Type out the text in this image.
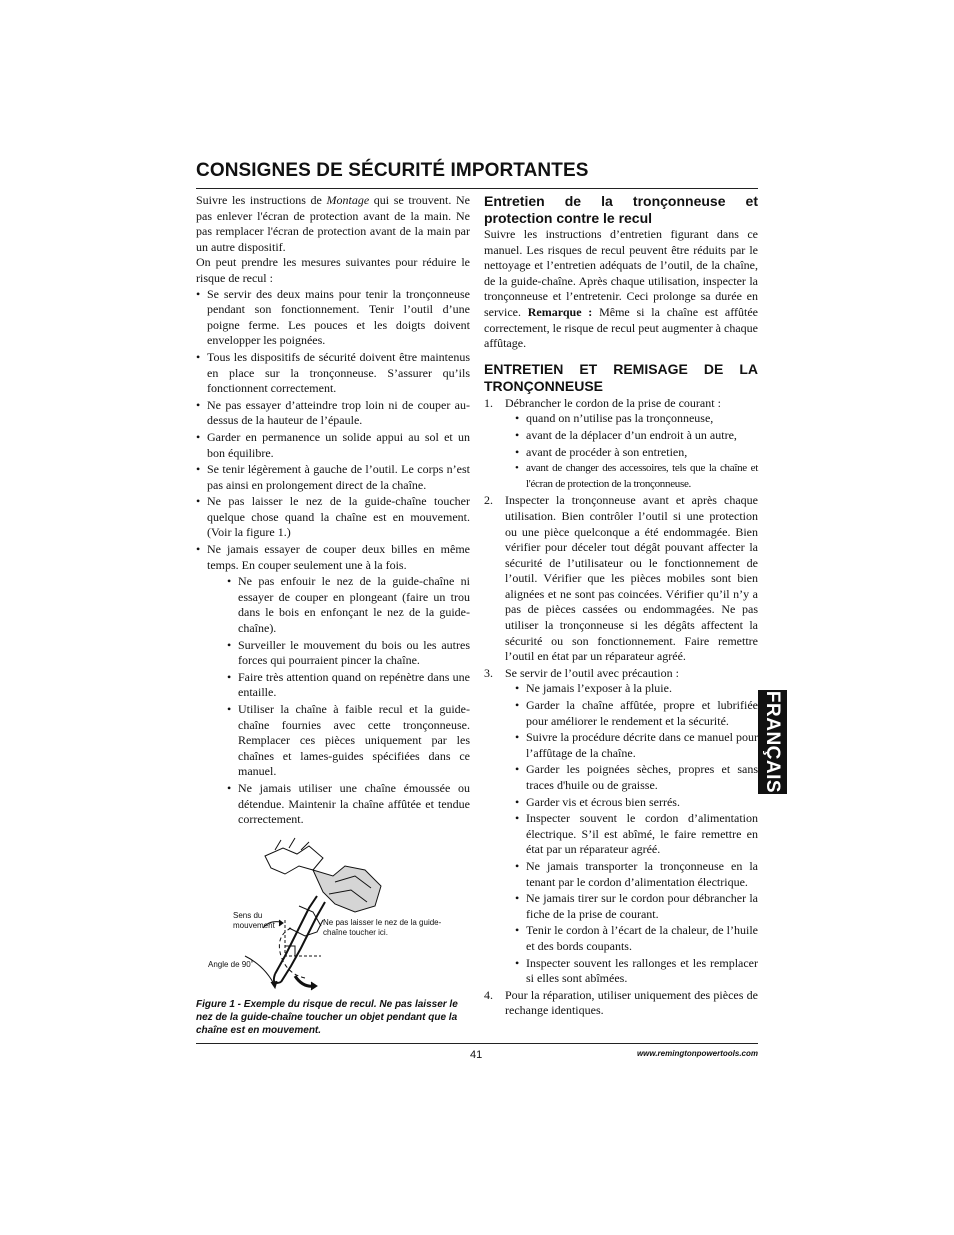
CONSIGNES DE SÉCURITÉ IMPORTANTES

Suivre les instructions de Montage qui se trouvent. Ne pas enlever l'écran de protection avant de la main. Ne pas remplacer l'écran de protection avant de la main par un autre dispositif.

On peut prendre les mesures suivantes pour réduire le risque de recul :

• Se servir des deux mains pour tenir la tronçonneuse pendant son fonctionnement. Tenir l’outil d’une poigne ferme. Les pouces et les doigts doivent envelopper les poignées.
• Tous les dispositifs de sécurité doivent être maintenus en place sur la tronçonneuse. S’assurer qu’ils fonctionnent correctement.
• Ne pas essayer d’atteindre trop loin ni de couper au-dessus de la hauteur de l’épaule.
• Garder en permanence un solide appui au sol et un bon équilibre.
• Se tenir légèrement à gauche de l’outil. Le corps n’est pas ainsi en prolongement direct de la chaîne.
• Ne pas laisser le nez de la guide-chaîne toucher quelque chose quand la chaîne est en mouvement. (Voir la figure 1.)
• Ne jamais essayer de couper deux billes en même temps. En couper seulement une à la fois.
• Ne pas enfouir le nez de la guide-chaîne ni essayer de couper en plongeant (faire un trou dans le bois en enfonçant le nez de la guide-chaîne).
• Surveiller le mouvement du bois ou les autres forces qui pourraient pincer la chaîne.
• Faire très attention quand on repénètre dans une entaille.
• Utiliser la chaîne à faible recul et la guide-chaîne fournies avec cette tronçonneuse. Remplacer ces pièces uniquement par les chaînes et lames-guides spécifiées dans ce manuel.
• Ne jamais utiliser une chaîne émoussée ou détendue. Maintenir la chaîne affûtée et tendue correctement.
Sens du mouvement	Ne pas laisser le nez de la guide-chaîne toucher ici.
Angle de 90˚
Figure 1 - Exemple du risque de recul. Ne pas laisser le nez de la guide-chaîne toucher un objet pendant que la chaîne est en mouvement.
Entretien de la tronçonneuse et protection contre le recul

Suivre les instructions d’entretien figurant dans ce manuel. Les risques de recul peuvent être réduits par le nettoyage et l’entretien adéquats de l’outil, de la chaîne, de la guide-chaîne. Après chaque utilisation, inspecter la tronçonneuse et l’entretenir. Ceci prolonge sa durée en service. Remarque : Même si la chaîne est affûtée correctement, le risque de recul peut augmenter à chaque affûtage.

ENTRETIEN ET REMISAGE DE LA TRONÇONNEUSE
1. Débrancher le cordon de la prise de courant :
• quand on n’utilise pas la tronçonneuse,
• avant de la déplacer d’un endroit à un autre,
• avant de procéder à son entretien,
• avant de changer des accessoires, tels que la chaîne et l'écran de protection de la tronçonneuse.
2. Inspecter la tronçonneuse avant et après chaque utilisation. Bien contrôler l’outil si une protection ou une pièce quelconque a été endommagée. Bien vérifier pour déceler tout dégât pouvant affecter la sécurité de l’utilisateur ou le fonctionnement de l’outil. Vérifier que les pièces mobiles sont bien alignées et ne sont pas coincées. Vérifier qu’il n’y a pas de pièces cassées ou endommagées. Ne pas utiliser la tronçonneuse si les dégâts affectent la sécurité ou son fonctionnement. Faire remettre l’outil en état par un réparateur agréé.
3. Se servir de l’outil avec précaution :
• Ne jamais l’exposer à la pluie.
• Garder la chaîne affûtée, propre et lubrifiée pour améliorer le rendement et la sécurité.
• Suivre la procédure décrite dans ce manuel pour l’affûtage de la chaîne.
• Garder les poignées sèches, propres et sans traces d'huile ou de graisse.
• Garder vis et écrous bien serrés.
• Inspecter souvent le cordon d’alimentation électrique. S’il est abîmé, le faire remettre en état par un réparateur agréé.
• Ne jamais transporter la tronçonneuse en la tenant par le cordon d’alimentation électrique.
• Ne jamais tirer sur le cordon pour débrancher la fiche de la prise de courant.
• Tenir le cordon à l’écart de la chaleur, de l’huile et des bords coupants.
• Inspecter souvent les rallonges et les remplacer si elles sont abîmées.
4. Pour la réparation, utiliser uniquement des pièces de rechange identiques.
FRANÇAIS
41	www.remingtonpowertools.com
